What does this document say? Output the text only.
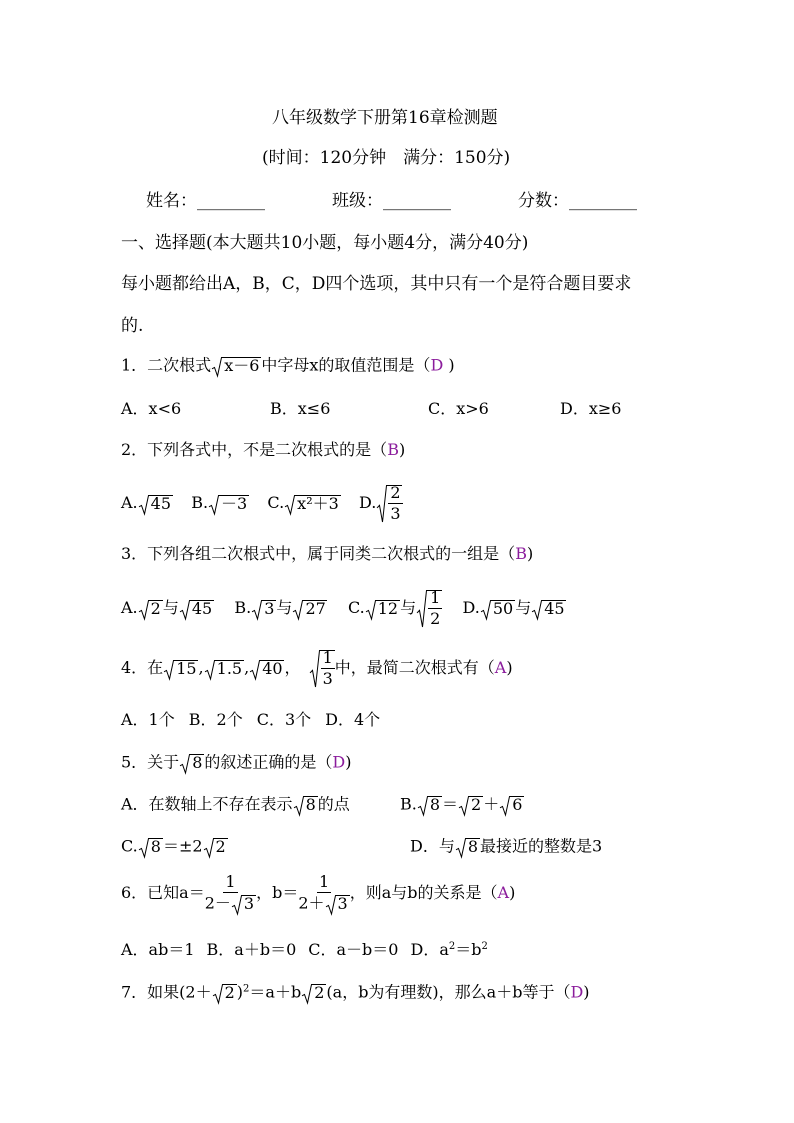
八年级数学下册第16章检测题
(时间：120分钟　满分：150分)
姓名：________	班级：________	分数：________
一、选择题(本大题共10小题，每小题4分，满分40分)
每小题都给出A，B，C，D四个选项，其中只有一个是符合题目要求
的.
1．二次根式 x－6 中字母x的取值范围是（D )
A．x<6	B．x≤6	C．x>6	D．x≥6
2．下列各式中，不是二次根式的是（B)
A. 45 B. －3 C. x²＋3 D. $\frac{2}{3}$
3．下列各组二次根式中，属于同类二次根式的一组是（B)
A. 2 与 45 B. 3 与 27 C. 12 与 $\frac{1}{2} D$. 50 与 45
4．在 15 , 1.5 , 40 ， $\frac{1}{3}$ 中，最简二次根式有（A)
A．1个 B．2个 C．3个 D．4个
5．关于 8 的叙述正确的是（D)
A．在数轴上不存在表示 8 的点	B. 8 ＝ 2 ＋ 6
C. 8 ＝±2 2	D．与 8 最接近的整数是3
6．已知$a= \frac{1}{2- 3}$ ，$b= \frac{1}{2+ 3}$ ，则a与b的关系是（A)
A．ab＝1 B．a＋b＝0 C．a－b＝0 D．$a^2=b^2$
7．如果(2＋ 2 )$^2$＝a＋b 2 (a，b为有理数)，那么a＋b等于（D)
